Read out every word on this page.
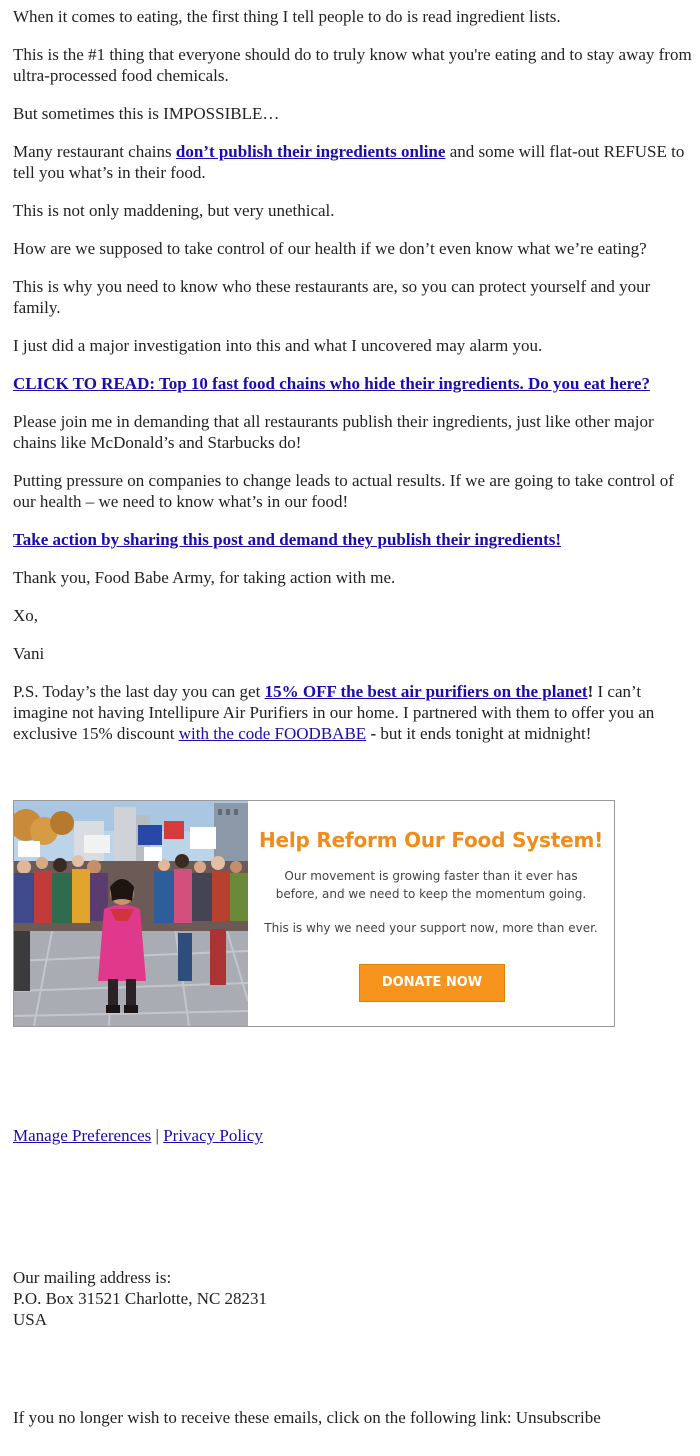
When it comes to eating, the first thing I tell people to do is read ingredient lists.

This is the #1 thing that everyone should do to truly know what you're eating and to stay away from ultra-processed food chemicals.

But sometimes this is IMPOSSIBLE…

Many restaurant chains don’t publish their ingredients online and some will flat-out REFUSE to tell you what’s in their food.

This is not only maddening, but very unethical.

How are we supposed to take control of our health if we don’t even know what we’re eating?

This is why you need to know who these restaurants are, so you can protect yourself and your family.

I just did a major investigation into this and what I uncovered may alarm you.

CLICK TO READ: Top 10 fast food chains who hide their ingredients. Do you eat here?

Please join me in demanding that all restaurants publish their ingredients, just like other major chains like McDonald’s and Starbucks do!

Putting pressure on companies to change leads to actual results. If we are going to take control of our health – we need to know what’s in our food!

Take action by sharing this post and demand they publish their ingredients!

Thank you, Food Babe Army, for taking action with me.

Xo,

Vani

P.S. Today’s the last day you can get 15% OFF the best air purifiers on the planet! I can’t imagine not having Intellipure Air Purifiers in our home. I partnered with them to offer you an exclusive 15% discount with the code FOODBABE - but it ends tonight at midnight!

Help Reform Our Food System!
Our movement is growing faster than it ever has before, and we need to keep the momentum going.
This is why we need your support now, more than ever.
DONATE NOW
Manage Preferences | Privacy Policy
Our mailing address is:
P.O. Box 31521 Charlotte, NC 28231
USA
If you no longer wish to receive these emails, click on the following link: Unsubscribe
